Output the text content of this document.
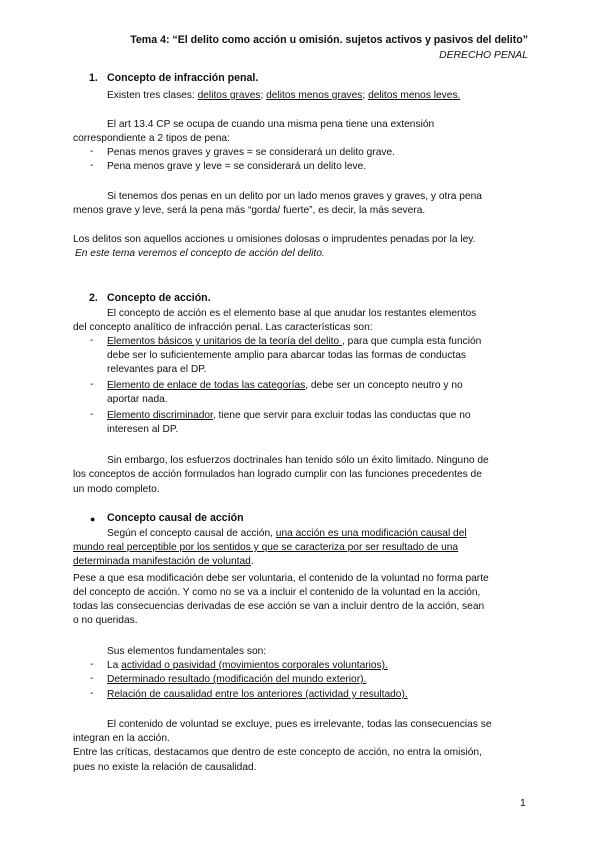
Tema 4: “El delito como acción u omisión. sujetos activos y pasivos del delito”
DERECHO PENAL
1. Concepto de infracción penal.
Existen tres clases: delitos graves; delitos menos graves; delitos menos leves.
El art 13.4 CP se ocupa de cuando una misma pena tiene una extensión
correspondiente a 2 tipos de pena:
- Penas menos graves y graves = se considerará un delito grave.
- Pena menos grave y leve = se considerará un delito leve.
Si tenemos dos penas en un delito por un lado menos graves y graves, y otra pena
menos grave y leve, será la pena más “gorda/ fuerte”, es decir, la más severa.
Los delitos son aquellos acciones u omisiones dolosas o imprudentes penadas por la ley.
En este tema veremos el concepto de acción del delito.
2. Concepto de acción.
El concepto de acción es el elemento base al que anudar los restantes elementos
del concepto analítico de infracción penal. Las características son:
- Elementos básicos y unitarios de la teoría del delito , para que cumpla esta función
debe ser lo suficientemente amplio para abarcar todas las formas de conductas
relevantes para el DP.
- Elemento de enlace de todas las categorías, debe ser un concepto neutro y no
aportar nada.
- Elemento discriminador, tiene que servir para excluir todas las conductas que no
interesen al DP.
Sin embargo, los esfuerzos doctrinales han tenido sólo un éxito limitado. Ninguno de
los conceptos de acción formulados han logrado cumplir con las funciones precedentes de
un modo completo.
● Concepto causal de acción
Según el concepto causal de acción, una acción es una modificación causal del
mundo real perceptible por los sentidos y que se caracteriza por ser resultado de una
determinada manifestación de voluntad.
Pese a que esa modificación debe ser voluntaria, el contenido de la voluntad no forma parte
del concepto de acción. Y como no se va a incluir el contenido de la voluntad en la acción,
todas las consecuencias derivadas de ese acción se van a incluir dentro de la acción, sean
o no queridas.
Sus elementos fundamentales son:
- La actividad o pasividad (movimientos corporales voluntarios).
- Determinado resultado (modificación del mundo exterior).
- Relación de causalidad entre los anteriores (actividad y resultado).
El contenido de voluntad se excluye, pues es irrelevante, todas las consecuencias se
integran en la acción.
Entre las críticas, destacamos que dentro de este concepto de acción, no entra la omisión,
pues no existe la relación de causalidad.
1
